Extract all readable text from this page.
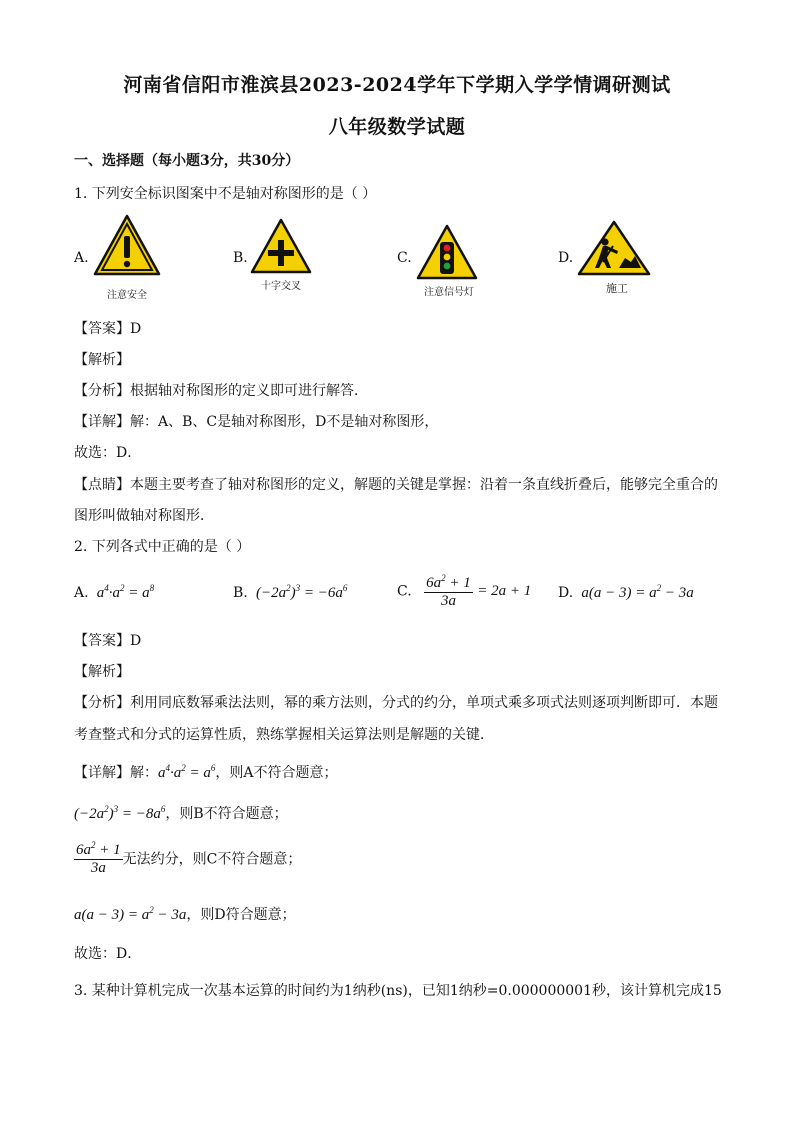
河南省信阳市淮滨县2023-2024学年下学期入学学情调研测试
八年级数学试题
一、选择题（每小题3分，共30分）
1. 下列安全标识图案中不是轴对称图形的是（ ）
A.
注意安全
B.
十字交叉
C.
注意信号灯
D.
施工
【答案】D
【解析】
【分析】根据轴对称图形的定义即可进行解答．
【详解】解：A、B、C是轴对称图形，D不是轴对称图形，
故选：D．
【点睛】本题主要考查了轴对称图形的定义，解题的关键是掌握：沿着一条直线折叠后，能够完全重合的
图形叫做轴对称图形．
2. 下列各式中正确的是（ ）
A.  $a^4\cdot a^2 = a^8$	B.  $(-2a^2)^3 = -6a^6$	C. $\frac{6a^2 + 1}{3a} = 2a + 1$ D.  $a(a - 3) = a^2 - 3a$
【答案】D
【解析】
【分析】利用同底数幂乘法法则，幂的乘方法则，分式的约分，单项式乘多项式法则逐项判断即可．本题
考查整式和分式的运算性质，熟练掌握相关运算法则是解题的关键．
【详解】解：$a^4\cdot a^2 = a^6$，则A不符合题意；
$(-2a^2)^3 = -8a^6$，则B不符合题意；
$\frac{6a^2 + 1}{3a}$ 无法约分，则C不符合题意；
$a(a - 3) = a^2 - 3a$，则D符合题意；
故选：D．
3. 某种计算机完成一次基本运算的时间约为1纳秒(ns)，已知1纳秒=0.000000001秒，该计算机完成15
